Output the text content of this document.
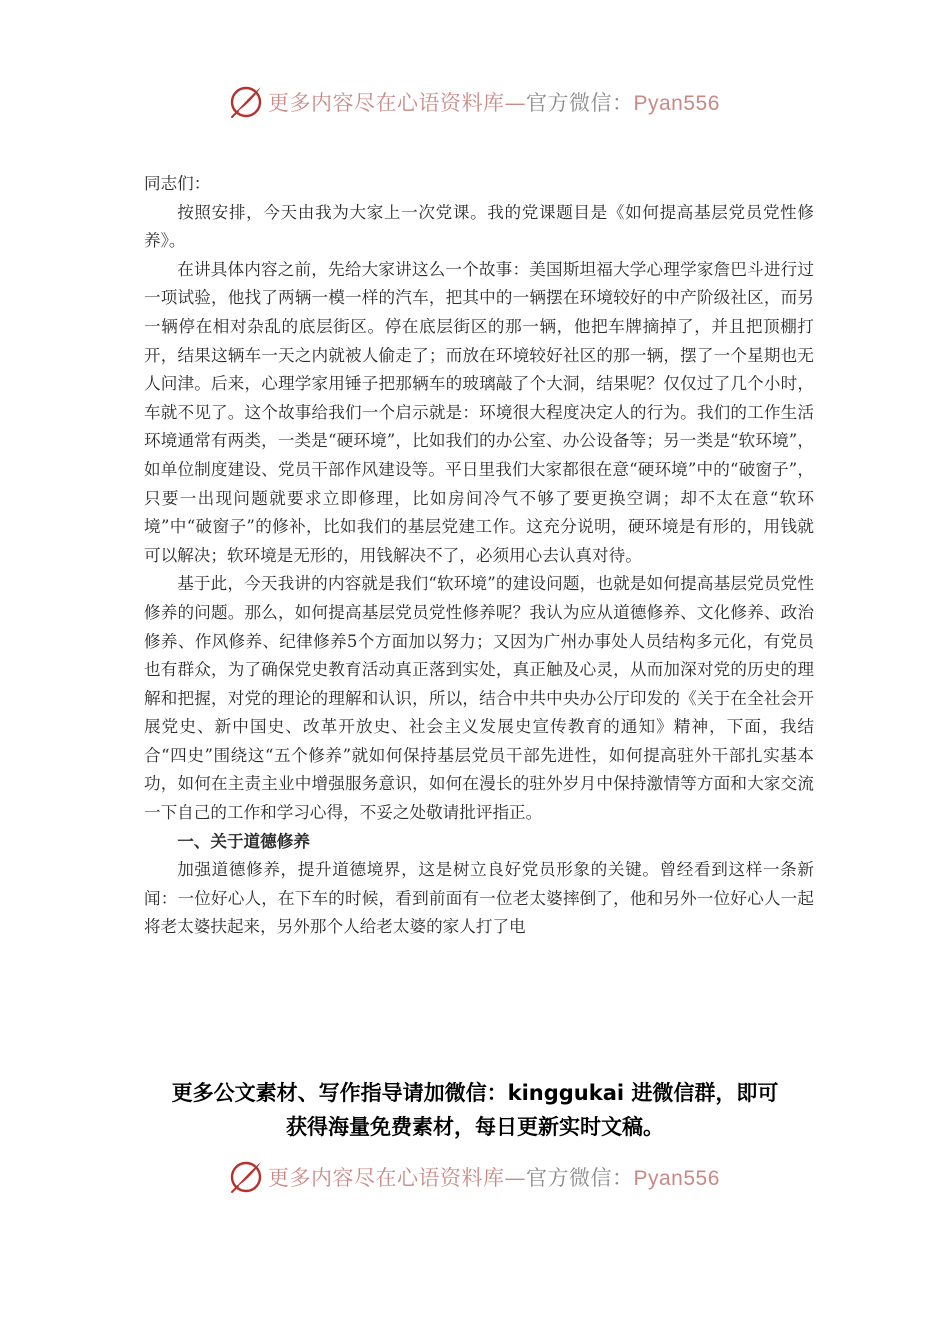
更多内容尽在心语资料库—官方微信：Pyan556

同志们：

按照安排，今天由我为大家上一次党课。我的党课题目是《如何提高基层党员党性修养》。

在讲具体内容之前，先给大家讲这么一个故事：美国斯坦福大学心理学家詹巴斗进行过一项试验，他找了两辆一模一样的汽车，把其中的一辆摆在环境较好的中产阶级社区，而另一辆停在相对杂乱的底层街区。停在底层街区的那一辆，他把车牌摘掉了，并且把顶棚打开，结果这辆车一天之内就被人偷走了；而放在环境较好社区的那一辆，摆了一个星期也无人问津。后来，心理学家用锤子把那辆车的玻璃敲了个大洞，结果呢？仅仅过了几个小时，车就不见了。这个故事给我们一个启示就是：环境很大程度决定人的行为。我们的工作生活环境通常有两类，一类是“硬环境”，比如我们的办公室、办公设备等；另一类是“软环境”，如单位制度建设、党员干部作风建设等。平日里我们大家都很在意“硬环境”中的“破窗子”，只要一出现问题就要求立即修理，比如房间冷气不够了要更换空调；却不太在意“软环境”中“破窗子”的修补，比如我们的基层党建工作。这充分说明，硬环境是有形的，用钱就可以解决；软环境是无形的，用钱解决不了，必须用心去认真对待。

基于此，今天我讲的内容就是我们“软环境”的建设问题，也就是如何提高基层党员党性修养的问题。那么，如何提高基层党员党性修养呢？我认为应从道德修养、文化修养、政治修养、作风修养、纪律修养5个方面加以努力；又因为广州办事处人员结构多元化，有党员也有群众，为了确保党史教育活动真正落到实处，真正触及心灵，从而加深对党的历史的理解和把握，对党的理论的理解和认识，所以，结合中共中央办公厅印发的《关于在全社会开展党史、新中国史、改革开放史、社会主义发展史宣传教育的通知》精神，下面，我结合“四史”围绕这“五个修养”就如何保持基层党员干部先进性，如何提高驻外干部扎实基本功，如何在主责主业中增强服务意识，如何在漫长的驻外岁月中保持激情等方面和大家交流一下自己的工作和学习心得，不妥之处敬请批评指正。

一、关于道德修养

加强道德修养，提升道德境界，这是树立良好党员形象的关键。曾经看到这样一条新闻：一位好心人，在下车的时候，看到前面有一位老太婆摔倒了，他和另外一位好心人一起将老太婆扶起来，另外那个人给老太婆的家人打了电

更多公文素材、写作指导请加微信：kinggukai 进微信群，即可
获得海量免费素材，每日更新实时文稿。
更多内容尽在心语资料库—官方微信：Pyan556
